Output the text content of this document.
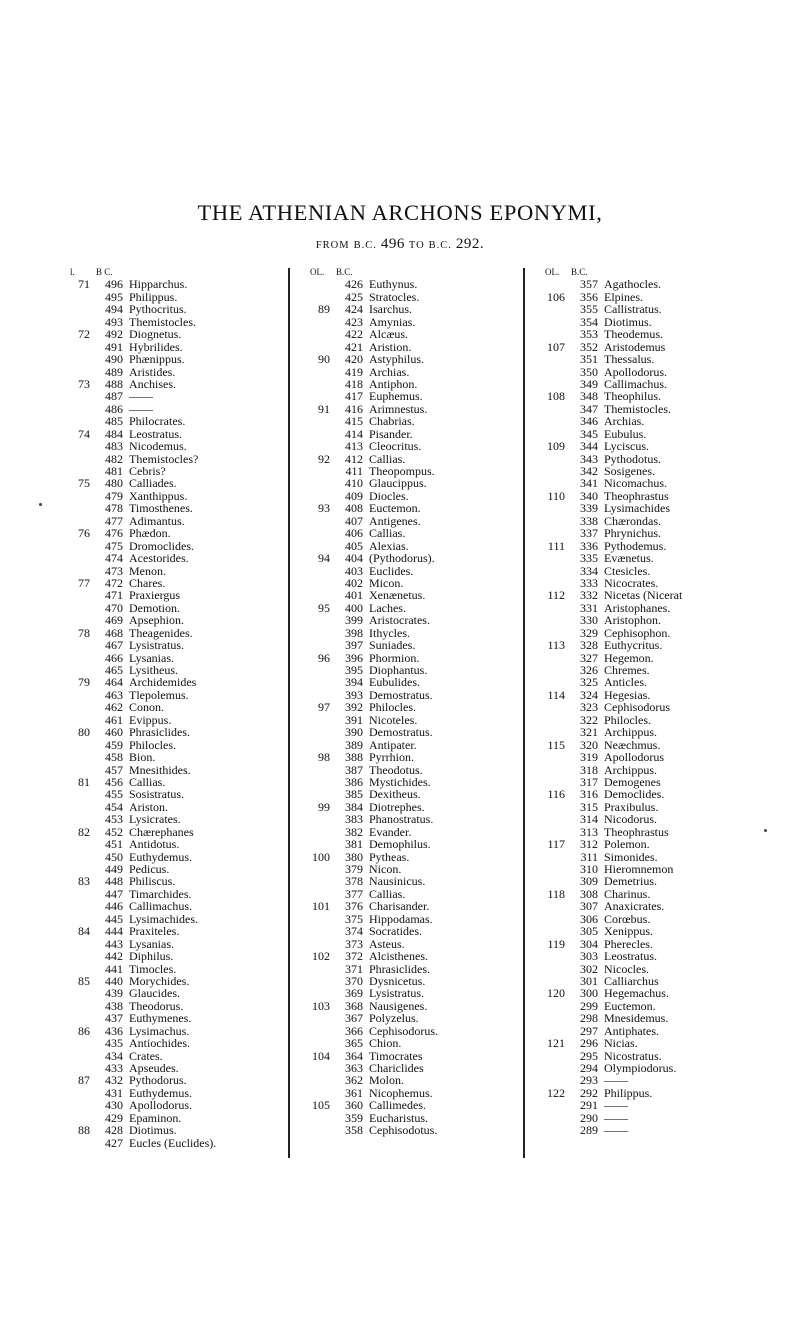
THE ATHENIAN ARCHONS EPONYMI,
FROM B.C. 496 TO B.C. 292.
l.	B C.
71	496 Hipparchus.
495 Philippus.
494 Pythocritus.
493 Themistocles.
72	492 Diognetus.
491 Hybrilides.
490 Phænippus.
489 Aristides.
73	488 Anchises.
487 ——
486 ——
485 Philocrates.
74	484 Leostratus.
483 Nicodemus.
482 Themistocles?
481 Cebris?
75	480 Calliades.
479 Xanthippus.
478 Timosthenes.
477 Adimantus.
76	476 Phædon.
475 Dromoclides.
474 Acestorides.
473 Menon.
77	472 Chares.
471 Praxiergus
470 Demotion.
469 Apsephion.
78	468 Theagenides.
467 Lysistratus.
466 Lysanias.
465 Lysitheus.
79	464 Archidemides
463 Tlepolemus.
462 Conon.
461 Evippus.
80	460 Phrasiclides.
459 Philocles.
458 Bion.
457 Mnesithides.
81	456 Callias.
455 Sosistratus.
454 Ariston.
453 Lysicrates.
82	452 Chærephanes
451 Antidotus.
450 Euthydemus.
449 Pedicus.
83	448 Philiscus.
447 Timarchides.
446 Callimachus.
445 Lysimachides.
84	444 Praxiteles.
443 Lysanias.
442 Diphilus.
441 Timocles.
85	440 Morychides.
439 Glaucides.
438 Theodorus.
437 Euthymenes.
86	436 Lysimachus.
435 Antiochides.
434 Crates.
433 Apseudes.
87	432 Pythodorus.
431 Euthydemus.
430 Apollodorus.
429 Epaminon.
88	428 Diotimus.
427 Eucles (Euclides).
OL.	B.C.
426 Euthynus.
425 Stratocles.
89	424 Isarchus.
423 Amynias.
422 Alcæus.
421 Aristion.
90	420 Astyphilus.
419 Archias.
418 Antiphon.
417 Euphemus.
91	416 Arimnestus.
415 Chabrias.
414 Pisander.
413 Cleocritus.
92	412 Callias.
411 Theopompus.
410 Glaucippus.
409 Diocles.
93	408 Euctemon.
407 Antigenes.
406 Callias.
405 Alexias.
94	404 (Pythodorus).
403 Euclides.
402 Micon.
401 Xenænetus.
95	400 Laches.
399 Aristocrates.
398 Ithycles.
397 Suniades.
96	396 Phormion.
395 Diophantus.
394 Eubulides.
393 Demostratus.
97	392 Philocles.
391 Nicoteles.
390 Demostratus.
389 Antipater.
98	388 Pyrrhion.
387 Theodotus.
386 Mystichides.
385 Dexitheus.
99	384 Diotrephes.
383 Phanostratus.
382 Evander.
381 Demophilus.
100	380 Pytheas.
379 Nicon.
378 Nausinicus.
377 Callias.
101	376 Charisander.
375 Hippodamas.
374 Socratides.
373 Asteus.
102	372 Alcisthenes.
371 Phrasiclides.
370 Dysnicetus.
369 Lysistratus.
103	368 Nausigenes.
367 Polyzelus.
366 Cephisodorus.
365 Chion.
104	364 Timocrates
363 Chariclides
362 Molon.
361 Nicophemus.
105	360 Callimedes.
359 Eucharistus.
358 Cephisodotus.
OL.	B.C.
357 Agathocles.
106	356 Elpines.
355 Callistratus.
354 Diotimus.
353 Theodemus.
107	352 Aristodemus
351 Thessalus.
350 Apollodorus.
349 Callimachus.
108	348 Theophilus.
347 Themistocles.
346 Archias.
345 Eubulus.
109	344 Lyciscus.
343 Pythodotus.
342 Sosigenes.
341 Nicomachus.
110	340 Theophrastus
339 Lysimachides
338 Chærondas.
337 Phrynichus.
111	336 Pythodemus.
335 Evænetus.
334 Ctesicles.
333 Nicocrates.
112	332 Nicetas (Nicerat
331 Aristophanes.
330 Aristophon.
329 Cephisophon.
113	328 Euthycritus.
327 Hegemon.
326 Chremes.
325 Anticles.
114	324 Hegesias.
323 Cephisodorus
322 Philocles.
321 Archippus.
115	320 Neæchmus.
319 Apollodorus
318 Archippus.
317 Demogenes
116	316 Democlides.
315 Praxibulus.
314 Nicodorus.
313 Theophrastus
117	312 Polemon.
311 Simonides.
310 Hieromnemon
309 Demetrius.
118	308 Charinus.
307 Anaxicrates.
306 Corœbus.
305 Xenippus.
119	304 Pherecles.
303 Leostratus.
302 Nicocles.
301 Calliarchus
120	300 Hegemachus.
299 Euctemon.
298 Mnesidemus.
297 Antiphates.
121	296 Nicias.
295 Nicostratus.
294 Olympiodorus.
293 ——
122	292 Philippus.
291 ——
290 ——
289 ——
